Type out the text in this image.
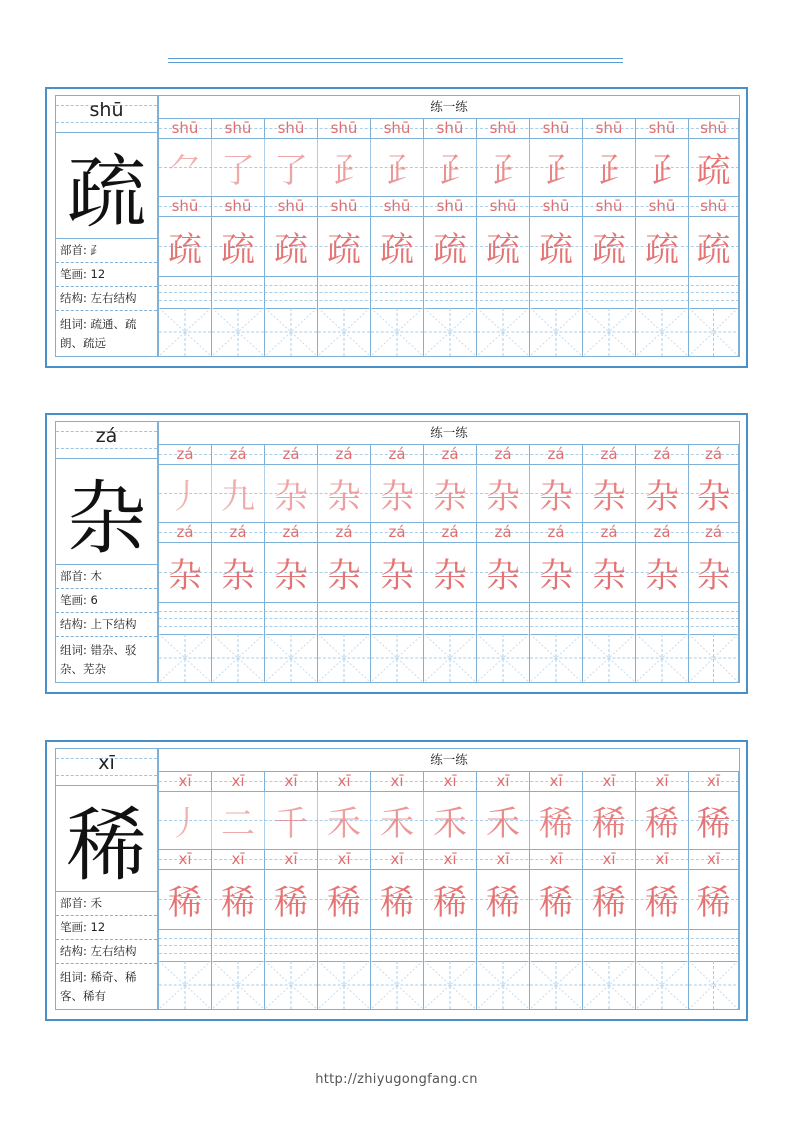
shū
疏
部首: ⺪
笔画: 12
结构: 左右结构
组词: 疏通、疏
朗、疏远
练一练
shū
⺈
shū
疏
shū
了
shū
疏
shū
了
shū
疏
shū
𤴔
shū
疏
shū
𤴔
shū
疏
shū
𤴔
shū
疏
shū
𤴔
shū
疏
shū
𤴔
shū
疏
shū
𤴔
shū
疏
shū
𤴔
shū
疏
shū
疏
shū
疏
zá
杂
部首: 木
笔画: 6
结构: 上下结构
组词: 错杂、驳
杂、芜杂
练一练
zá
丿
zá
杂
zá
九
zá
杂
zá
杂
zá
杂
zá
杂
zá
杂
zá
杂
zá
杂
zá
杂
zá
杂
zá
杂
zá
杂
zá
杂
zá
杂
zá
杂
zá
杂
zá
杂
zá
杂
zá
杂
zá
杂
xī
稀
部首: 禾
笔画: 12
结构: 左右结构
组词: 稀奇、稀
客、稀有
练一练
xī
丿
xī
稀
xī
二
xī
稀
xī
千
xī
稀
xī
禾
xī
稀
xī
禾
xī
稀
xī
禾
xī
稀
xī
禾
xī
稀
xī
稀
xī
稀
xī
稀
xī
稀
xī
稀
xī
稀
xī
稀
xī
稀
http://zhiyugongfang.cn
